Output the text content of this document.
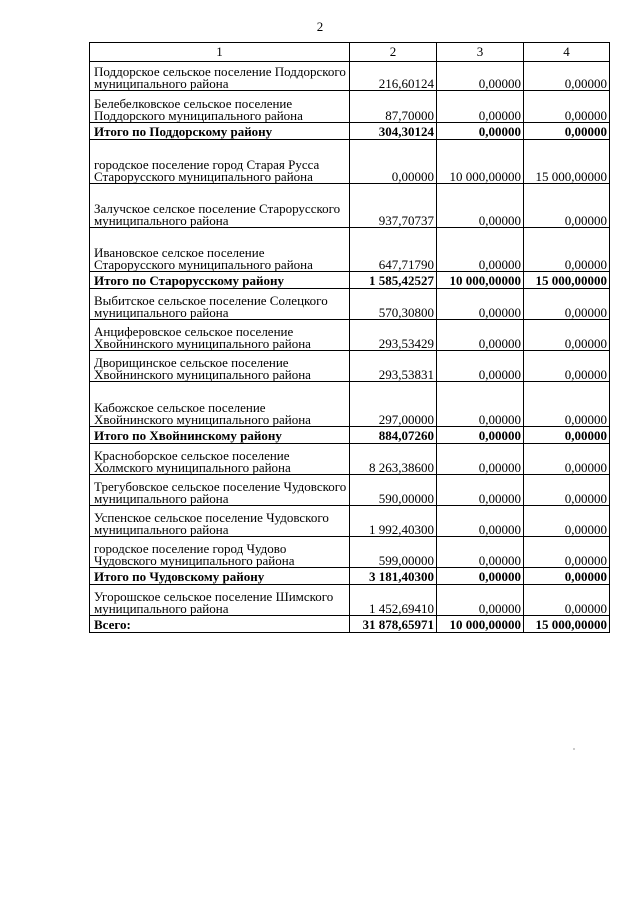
2
1	2	3	4
Поддорское сельское поселение Поддорского муниципального района	216,60124	0,00000	0,00000
Белебелковское сельское поселение Поддорского муниципального района	87,70000	0,00000	0,00000
Итого по Поддорскому району	304,30124	0,00000	0,00000
городское поселение город Старая Русса Старорусского муниципального района	0,00000	10 000,00000	15 000,00000
Залучское селское поселение Старорусского муниципального района	937,70737	0,00000	0,00000
Ивановское селское поселение Старорусского муниципального района	647,71790	0,00000	0,00000
Итого по Старорусскому району	1 585,42527	10 000,00000	15 000,00000
Выбитское сельское поселение Солецкого муниципального района	570,30800	0,00000	0,00000
Анциферовское сельское поселение Хвойнинского муниципального района	293,53429	0,00000	0,00000
Дворищинское сельское поселение Хвойнинского муниципального района	293,53831	0,00000	0,00000
Кабожское сельское поселение Хвойнинского муниципального района	297,00000	0,00000	0,00000
Итого по Хвойнинскому району	884,07260	0,00000	0,00000
Красноборское сельское поселение Холмского муниципального района	8 263,38600	0,00000	0,00000
Трегубовское сельское поселение Чудовского муниципального района	590,00000	0,00000	0,00000
Успенское сельское поселение Чудовского муниципального района	1 992,40300	0,00000	0,00000
городское поселение город Чудово Чудовского муниципального района	599,00000	0,00000	0,00000
Итого по Чудовскому району	3 181,40300	0,00000	0,00000
Угорошское сельское поселение Шимского муниципального района	1 452,69410	0,00000	0,00000
Всего:	31 878,65971	10 000,00000	15 000,00000
